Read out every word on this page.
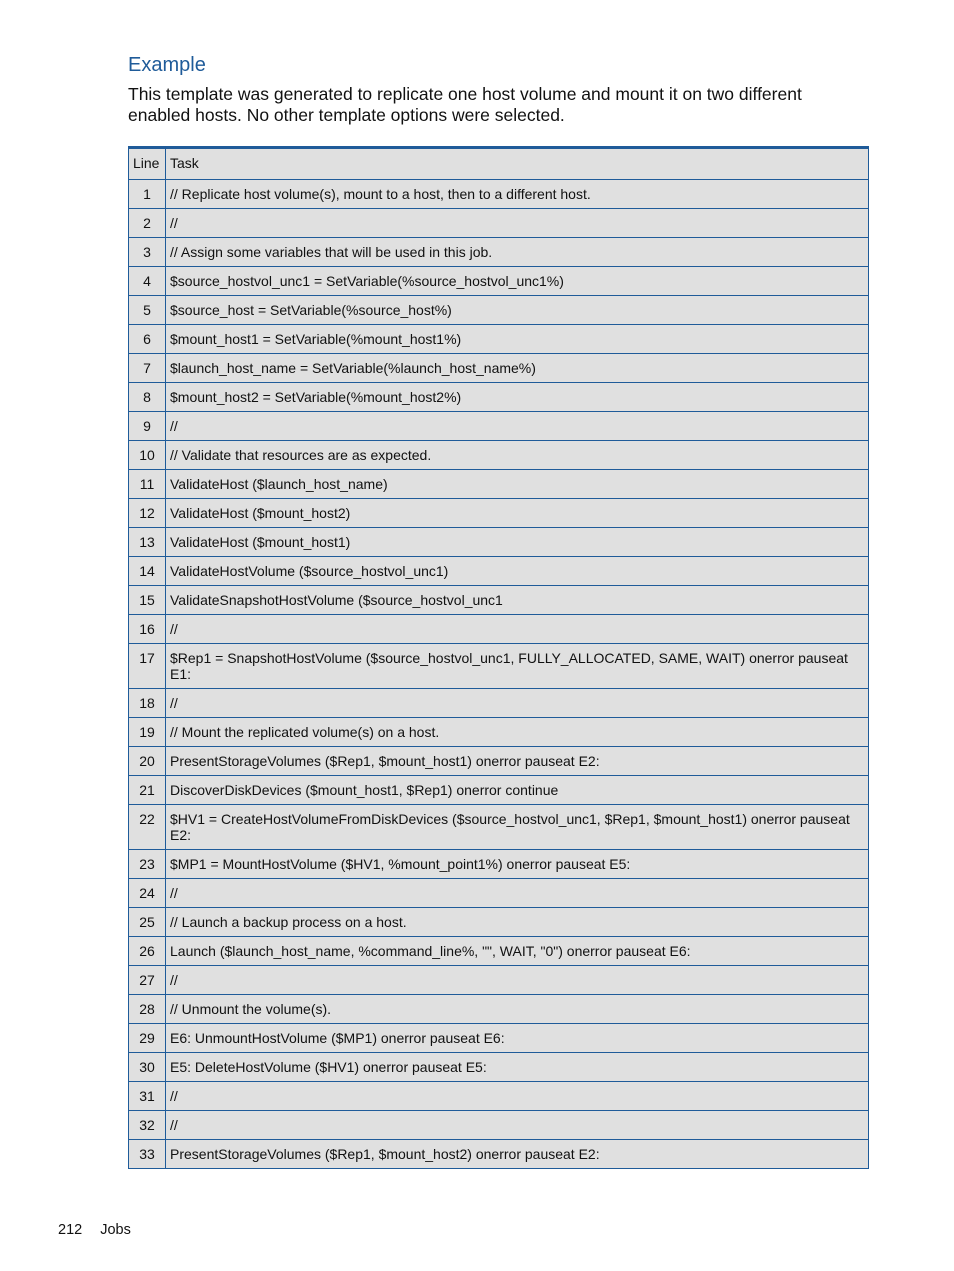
Example

This template was generated to replicate one host volume and mount it on two different enabled hosts. No other template options were selected.

Line	Task
1	// Replicate host volume(s), mount to a host, then to a different host.
2	//
3	// Assign some variables that will be used in this job.
4	$source_hostvol_unc1 = SetVariable(%source_hostvol_unc1%)
5	$source_host = SetVariable(%source_host%)
6	$mount_host1 = SetVariable(%mount_host1%)
7	$launch_host_name = SetVariable(%launch_host_name%)
8	$mount_host2 = SetVariable(%mount_host2%)
9	//
10	// Validate that resources are as expected.
11	ValidateHost ($launch_host_name)
12	ValidateHost ($mount_host2)
13	ValidateHost ($mount_host1)
14	ValidateHostVolume ($source_hostvol_unc1)
15	ValidateSnapshotHostVolume ($source_hostvol_unc1
16	//
17	$Rep1 = SnapshotHostVolume ($source_hostvol_unc1, FULLY_ALLOCATED, SAME, WAIT) onerror pauseat E1:
18	//
19	// Mount the replicated volume(s) on a host.
20	PresentStorageVolumes ($Rep1, $mount_host1) onerror pauseat E2:
21	DiscoverDiskDevices ($mount_host1, $Rep1) onerror continue
22	$HV1 = CreateHostVolumeFromDiskDevices ($source_hostvol_unc1, $Rep1, $mount_host1) onerror pauseat E2:
23	$MP1 = MountHostVolume ($HV1, %mount_point1%) onerror pauseat E5:
24	//
25	// Launch a backup process on a host.
26	Launch ($launch_host_name, %command_line%, "", WAIT, "0") onerror pauseat E6:
27	//
28	// Unmount the volume(s).
29	E6: UnmountHostVolume ($MP1) onerror pauseat E6:
30	E5: DeleteHostVolume ($HV1) onerror pauseat E5:
31	//
32	//
33	PresentStorageVolumes ($Rep1, $mount_host2) onerror pauseat E2:
212 Jobs
